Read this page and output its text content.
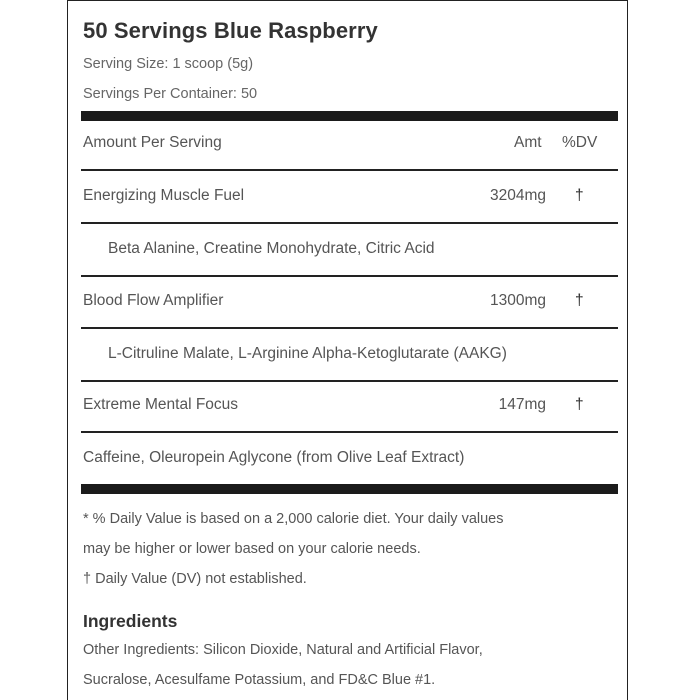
50 Servings Blue Raspberry
Serving Size: 1 scoop (5g)
Servings Per Container: 50
Amount Per Serving	Amt %DV
Energizing Muscle Fuel	3204mg †
Beta Alanine, Creatine Monohydrate, Citric Acid
Blood Flow Amplifier	1300mg †
L-Citruline Malate, L-Arginine Alpha-Ketoglutarate (AAKG)
Extreme Mental Focus	147mg †
Caffeine, Oleuropein Aglycone (from Olive Leaf Extract)
* % Daily Value is based on a 2,000 calorie diet. Your daily values
may be higher or lower based on your calorie needs.
† Daily Value (DV) not established.
Ingredients
Other Ingredients: Silicon Dioxide, Natural and Artificial Flavor,
Sucralose, Acesulfame Potassium, and FD&C Blue #1.
